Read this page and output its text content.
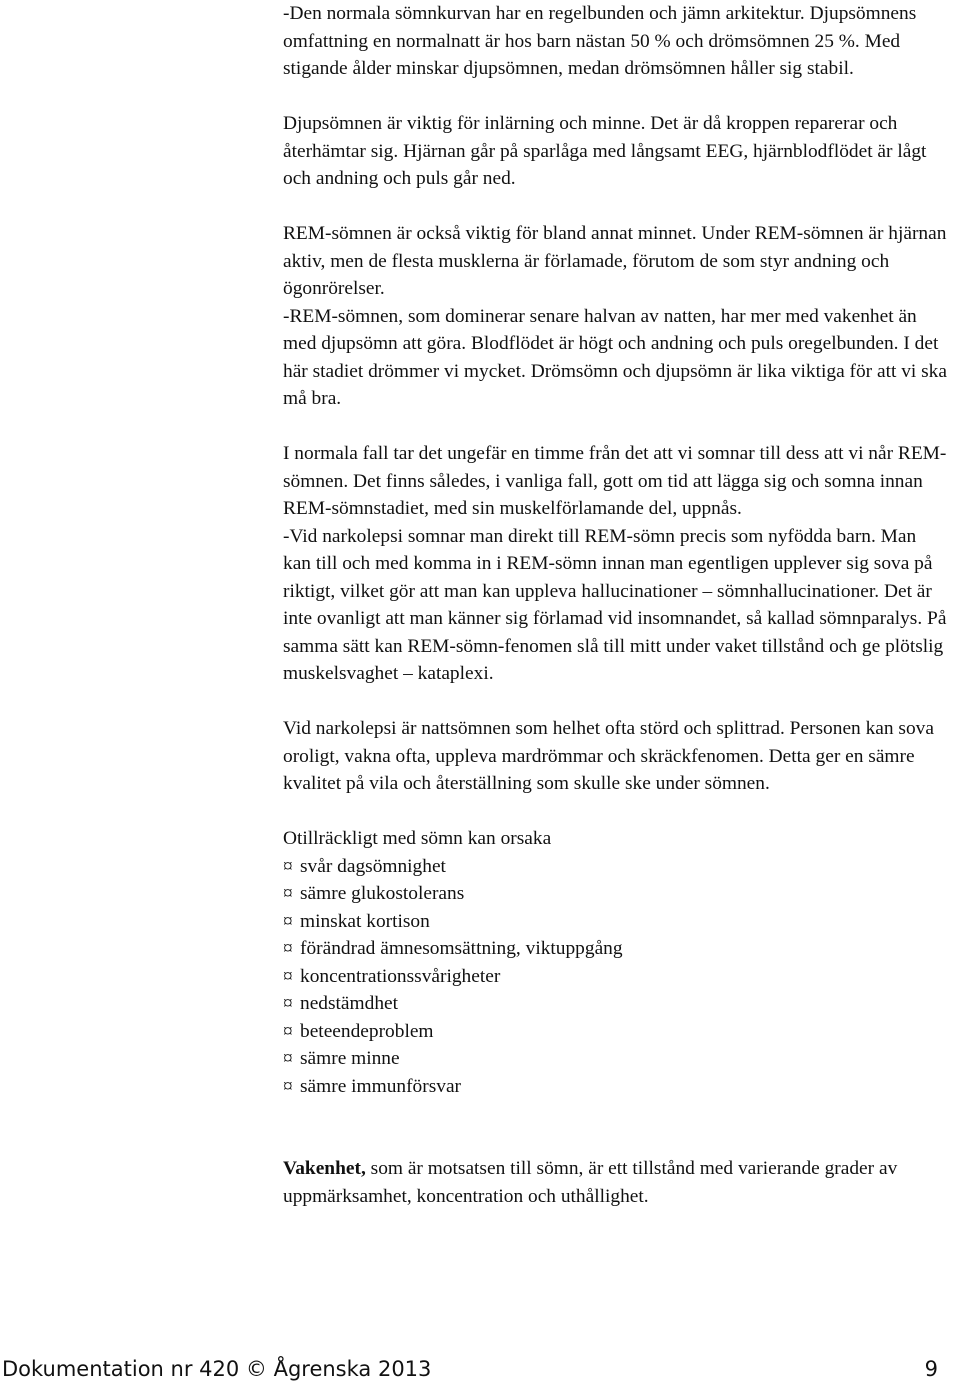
-Den normala sömnkurvan har en regelbunden och jämn arkitektur. Djupsömnens omfattning en normalnatt är hos barn nästan 50 % och drömsömnen 25 %. Med stigande ålder minskar djupsömnen, medan drömsömnen håller sig stabil.

Djupsömnen är viktig för inlärning och minne. Det är då kroppen reparerar och återhämtar sig. Hjärnan går på sparlåga med långsamt EEG, hjärnblodflödet är lågt och andning och puls går ned.

REM-sömnen är också viktig för bland annat minnet. Under REM-sömnen är hjärnan aktiv, men de flesta musklerna är förlamade, förutom de som styr andning och ögonrörelser.

-REM-sömnen, som dominerar senare halvan av natten, har mer med vakenhet än med djupsömn att göra. Blodflödet är högt och andning och puls oregelbunden. I det här stadiet drömmer vi mycket. Drömsömn och djupsömn är lika viktiga för att vi ska må bra.

I normala fall tar det ungefär en timme från det att vi somnar till dess att vi når REM-sömnen. Det finns således, i vanliga fall, gott om tid att lägga sig och somna innan REM-sömnstadiet, med sin muskelförlamande del, uppnås.

-Vid narkolepsi somnar man direkt till REM-sömn precis som nyfödda barn. Man kan till och med komma in i REM-sömn innan man egentligen upplever sig sova på riktigt, vilket gör att man kan uppleva hallucinationer – sömnhallucinationer. Det är inte ovanligt att man känner sig förlamad vid insomnandet, så kallad sömnparalys. På samma sätt kan REM-sömn-fenomen slå till mitt under vaket tillstånd och ge plötslig muskelsvaghet – kataplexi.

Vid narkolepsi är nattsömnen som helhet ofta störd och splittrad. Personen kan sova oroligt, vakna ofta, uppleva mardrömmar och skräckfenomen. Detta ger en sämre kvalitet på vila och återställning som skulle ske under sömnen.

Otillräckligt med sömn kan orsaka

¤ svår dagsömnighet
¤ sämre glukostolerans
¤ minskat kortison
¤ förändrad ämnesomsättning, viktuppgång
¤ koncentrationssvårigheter
¤ nedstämdhet
¤ beteendeproblem
¤ sämre minne
¤ sämre immunförsvar

Vakenhet, som är motsatsen till sömn, är ett tillstånd med varierande grader av uppmärksamhet, koncentration och uthållighet.

Dokumentation nr 420 © Ågrenska 2013	9
